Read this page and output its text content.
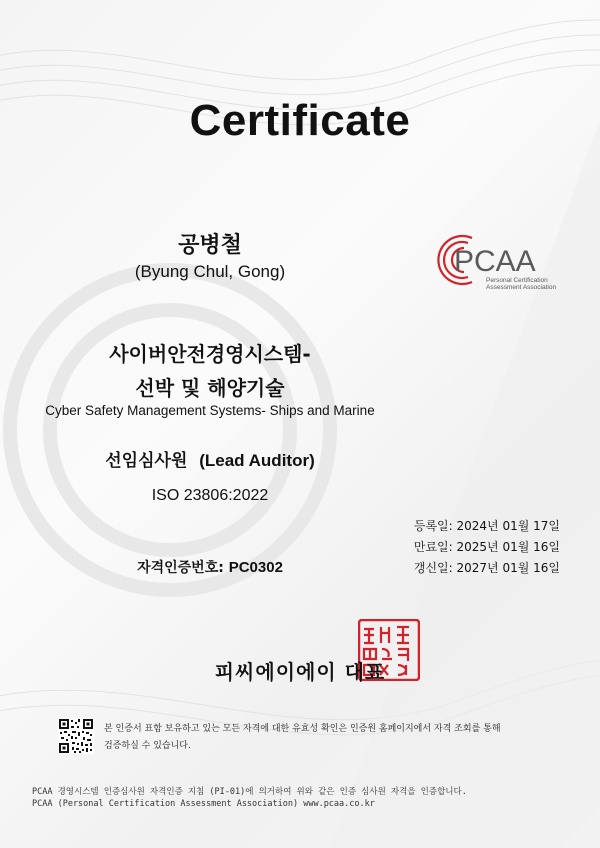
Certificate
공병철
(Byung Chul, Gong)	PCAA
Personal Certification
Assessment Association
사이버안전경영시스템-
선박 및 해양기술
Cyber Safety Management Systems- Ships and Marine
선임심사원 (Lead Auditor)
ISO 23806:2022
등록일: 2024년 01월 17일
만료일: 2025년 01월 16일
갱신일: 2027년 01월 16일
자격인증번호: PC0302
피씨에이에이 대표
본 인증서 표함 보유하고 있는 모든 자격에 대한 유효성 확인은 인증원 홈페이지에서 자격 조회를 통해
검증하실 수 있습니다.
PCAA 경영시스템 인증심사원 자격인증 지침 (PI-01)에 의거하여 위와 같은 인증 심사원 자격을 인증합니다.
PCAA (Personal Certification Assessment Association) www.pcaa.co.kr
